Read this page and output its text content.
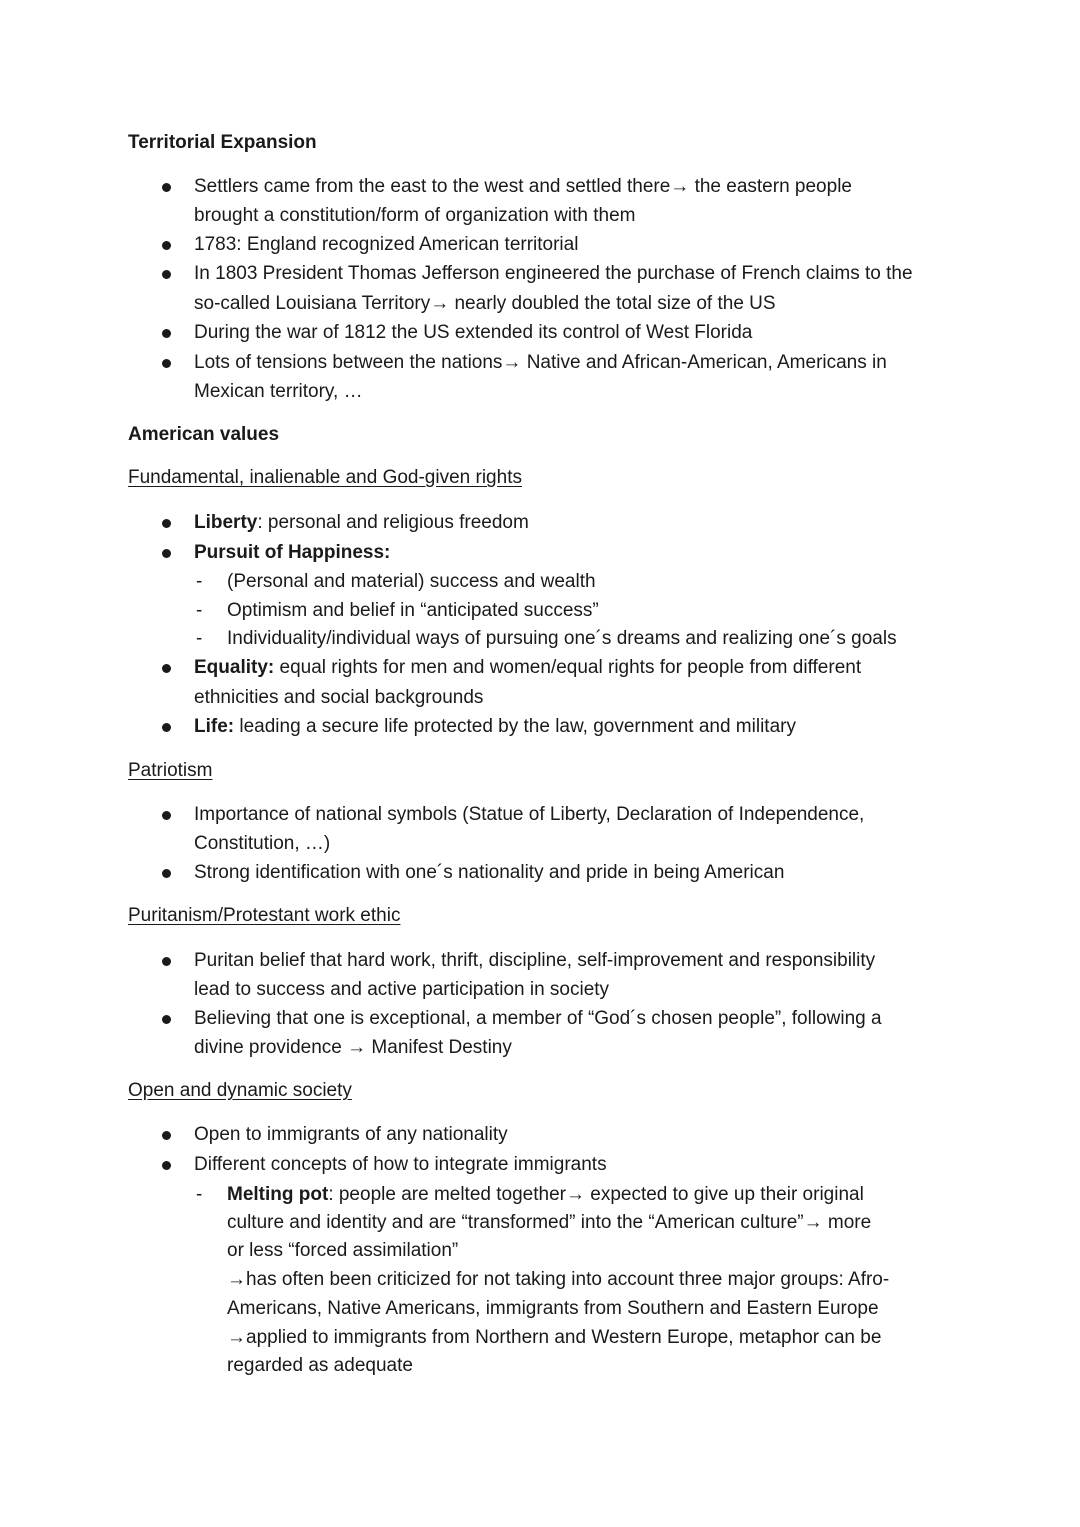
Territorial Expansion
Settlers came from the east to the west and settled there→ the eastern people
brought a constitution/form of organization with them
1783: England recognized American territorial
In 1803 President Thomas Jefferson engineered the purchase of French claims to the
so-called Louisiana Territory→ nearly doubled the total size of the US
During the war of 1812 the US extended its control of West Florida
Lots of tensions between the nations→ Native and African-American, Americans in
Mexican territory, …
American values
Fundamental, inalienable and God-given rights
Liberty: personal and religious freedom
Pursuit of Happiness:
- (Personal and material) success and wealth
- Optimism and belief in “anticipated success”
- Individuality/individual ways of pursuing one´s dreams and realizing one´s goals
Equality: equal rights for men and women/equal rights for people from different
ethnicities and social backgrounds
Life: leading a secure life protected by the law, government and military
Patriotism
Importance of national symbols (Statue of Liberty, Declaration of Independence,
Constitution, …)
Strong identification with one´s nationality and pride in being American
Puritanism/Protestant work ethic
Puritan belief that hard work, thrift, discipline, self-improvement and responsibility
lead to success and active participation in society
Believing that one is exceptional, a member of “God´s chosen people”, following a
divine providence → Manifest Destiny
Open and dynamic society
Open to immigrants of any nationality
Different concepts of how to integrate immigrants
- Melting pot: people are melted together→ expected to give up their original
culture and identity and are “transformed” into the “American culture”→ more
or less “forced assimilation”
→has often been criticized for not taking into account three major groups: Afro-
Americans, Native Americans, immigrants from Southern and Eastern Europe
→applied to immigrants from Northern and Western Europe, metaphor can be
regarded as adequate
